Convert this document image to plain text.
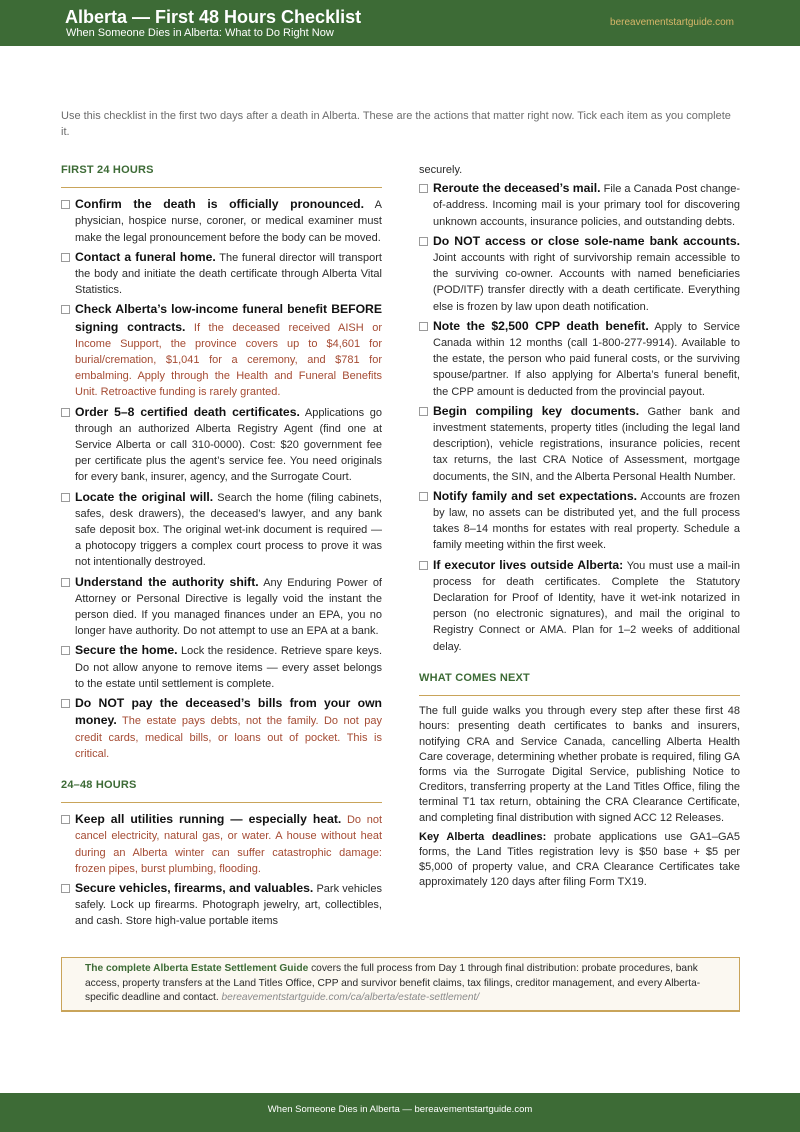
Alberta — First 48 Hours Checklist
When Someone Dies in Alberta: What to Do Right Now
bereavementstartguide.com

Use this checklist in the first two days after a death in Alberta. These are the actions that matter right now. Tick each item as you complete it.

FIRST 24 HOURS
Confirm the death is officially pronounced. A physician, hospice nurse, coroner, or medical examiner must make the legal pronouncement before the body can be moved.
Contact a funeral home. The funeral director will transport the body and initiate the death certificate through Alberta Vital Statistics.
Check Alberta’s low-income funeral benefit BEFORE signing contracts. If the deceased received AISH or Income Support, the province covers up to $4,601 for burial/cremation, $1,041 for a ceremony, and $781 for embalming. Apply through the Health and Funeral Benefits Unit. Retroactive funding is rarely granted.
Order 5–8 certified death certificates. Applications go through an authorized Alberta Registry Agent (find one at Service Alberta or call 310-0000). Cost: $20 government fee per certificate plus the agent’s service fee. You need originals for every bank, insurer, agency, and the Surrogate Court.
Locate the original will. Search the home (filing cabinets, safes, desk drawers), the deceased’s lawyer, and any bank safe deposit box. The original wet-ink document is required — a photocopy triggers a complex court process to prove it was not intentionally destroyed.
Understand the authority shift. Any Enduring Power of Attorney or Personal Directive is legally void the instant the person died. If you managed finances under an EPA, you no longer have authority. Do not attempt to use an EPA at a bank.
Secure the home. Lock the residence. Retrieve spare keys. Do not allow anyone to remove items — every asset belongs to the estate until settlement is complete.
Do NOT pay the deceased’s bills from your own money. The estate pays debts, not the family. Do not pay credit cards, medical bills, or loans out of pocket. This is critical.
24–48 HOURS
Keep all utilities running — especially heat. Do not cancel electricity, natural gas, or water. A house without heat during an Alberta winter can suffer catastrophic damage: frozen pipes, burst plumbing, flooding.
Secure vehicles, firearms, and valuables. Park vehicles safely. Lock up firearms. Photograph jewelry, art, collectibles, and cash. Store high-value portable items
securely.
Reroute the deceased’s mail. File a Canada Post change-of-address. Incoming mail is your primary tool for discovering unknown accounts, insurance policies, and outstanding debts.
Do NOT access or close sole-name bank accounts. Joint accounts with right of survivorship remain accessible to the surviving co-owner. Accounts with named beneficiaries (POD/ITF) transfer directly with a death certificate. Everything else is frozen by law upon death notification.
Note the $2,500 CPP death benefit. Apply to Service Canada within 12 months (call 1-800-277-9914). Available to the estate, the person who paid funeral costs, or the surviving spouse/partner. If also applying for Alberta’s funeral benefit, the CPP amount is deducted from the provincial payout.
Begin compiling key documents. Gather bank and investment statements, property titles (including the legal land description), vehicle registrations, insurance policies, recent tax returns, the last CRA Notice of Assessment, mortgage documents, the SIN, and the Alberta Personal Health Number.
Notify family and set expectations. Accounts are frozen by law, no assets can be distributed yet, and the full process takes 8–14 months for estates with real property. Schedule a family meeting within the first week.
If executor lives outside Alberta: You must use a mail-in process for death certificates. Complete the Statutory Declaration for Proof of Identity, have it wet-ink notarized in person (no electronic signatures), and mail the original to Registry Connect or AMA. Plan for 1–2 weeks of additional delay.
WHAT COMES NEXT

The full guide walks you through every step after these first 48 hours: presenting death certificates to banks and insurers, notifying CRA and Service Canada, cancelling Alberta Health Care coverage, determining whether probate is required, filing GA forms via the Surrogate Digital Service, publishing Notice to Creditors, transferring property at the Land Titles Office, filing the terminal T1 tax return, obtaining the CRA Clearance Certificate, and completing final distribution with signed ACC 12 Releases.

Key Alberta deadlines: probate applications use GA1–GA5 forms, the Land Titles registration levy is $50 base + $5 per $5,000 of property value, and CRA Clearance Certificates take approximately 120 days after filing Form TX19.

The complete Alberta Estate Settlement Guide covers the full process from Day 1 through final distribution: probate procedures, bank access, property transfers at the Land Titles Office, CPP and survivor benefit claims, tax filings, creditor management, and every Alberta-specific deadline and contact. bereavementstartguide.com/ca/alberta/estate-settlement/
When Someone Dies in Alberta — bereavementstartguide.com
